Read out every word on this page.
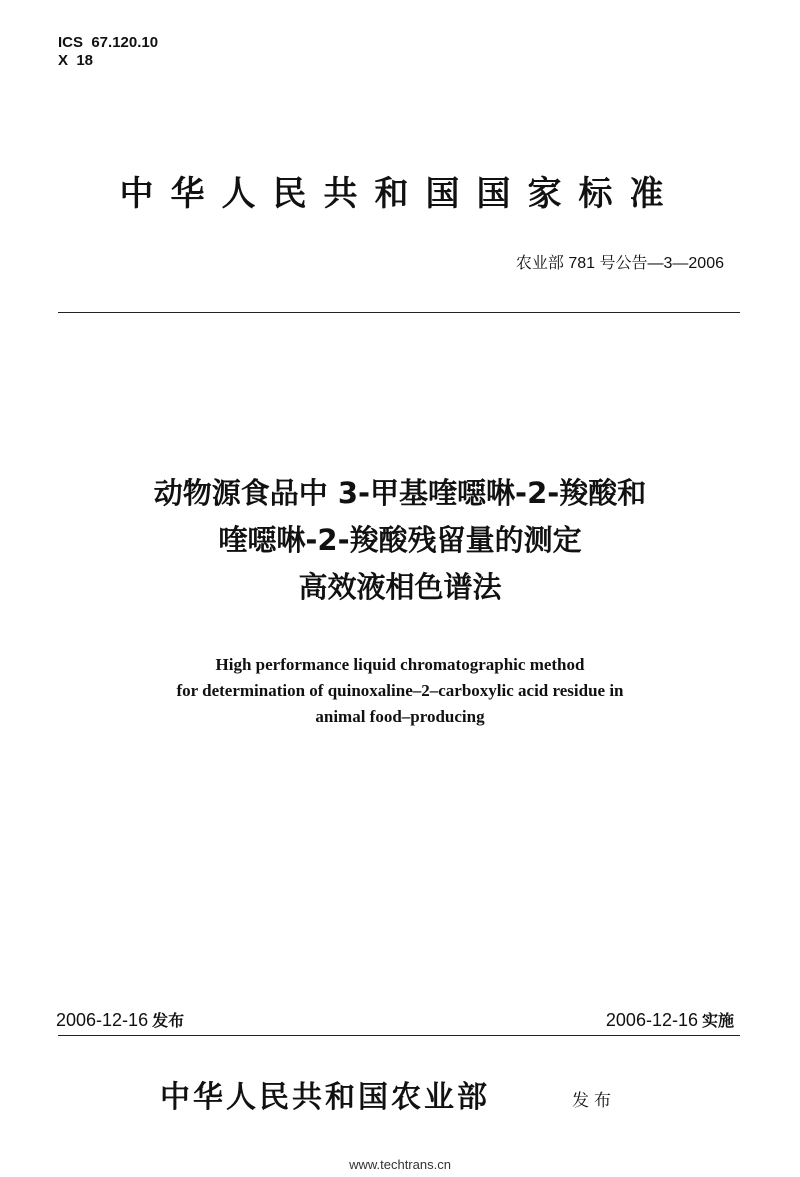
ICS  67.120.10
X  18
中华人民共和国国家标准
农业部 781 号公告—3—2006
动物源食品中 3-甲基喹噁啉-2-羧酸和
喹噁啉-2-羧酸残留量的测定
高效液相色谱法
High performance liquid chromatographic method
for determination of quinoxaline–2–carboxylic acid residue in
animal food–producing
2006-12-16 发布	2006-12-16 实施
中华人民共和国农业部	发布
www.techtrans.cn
